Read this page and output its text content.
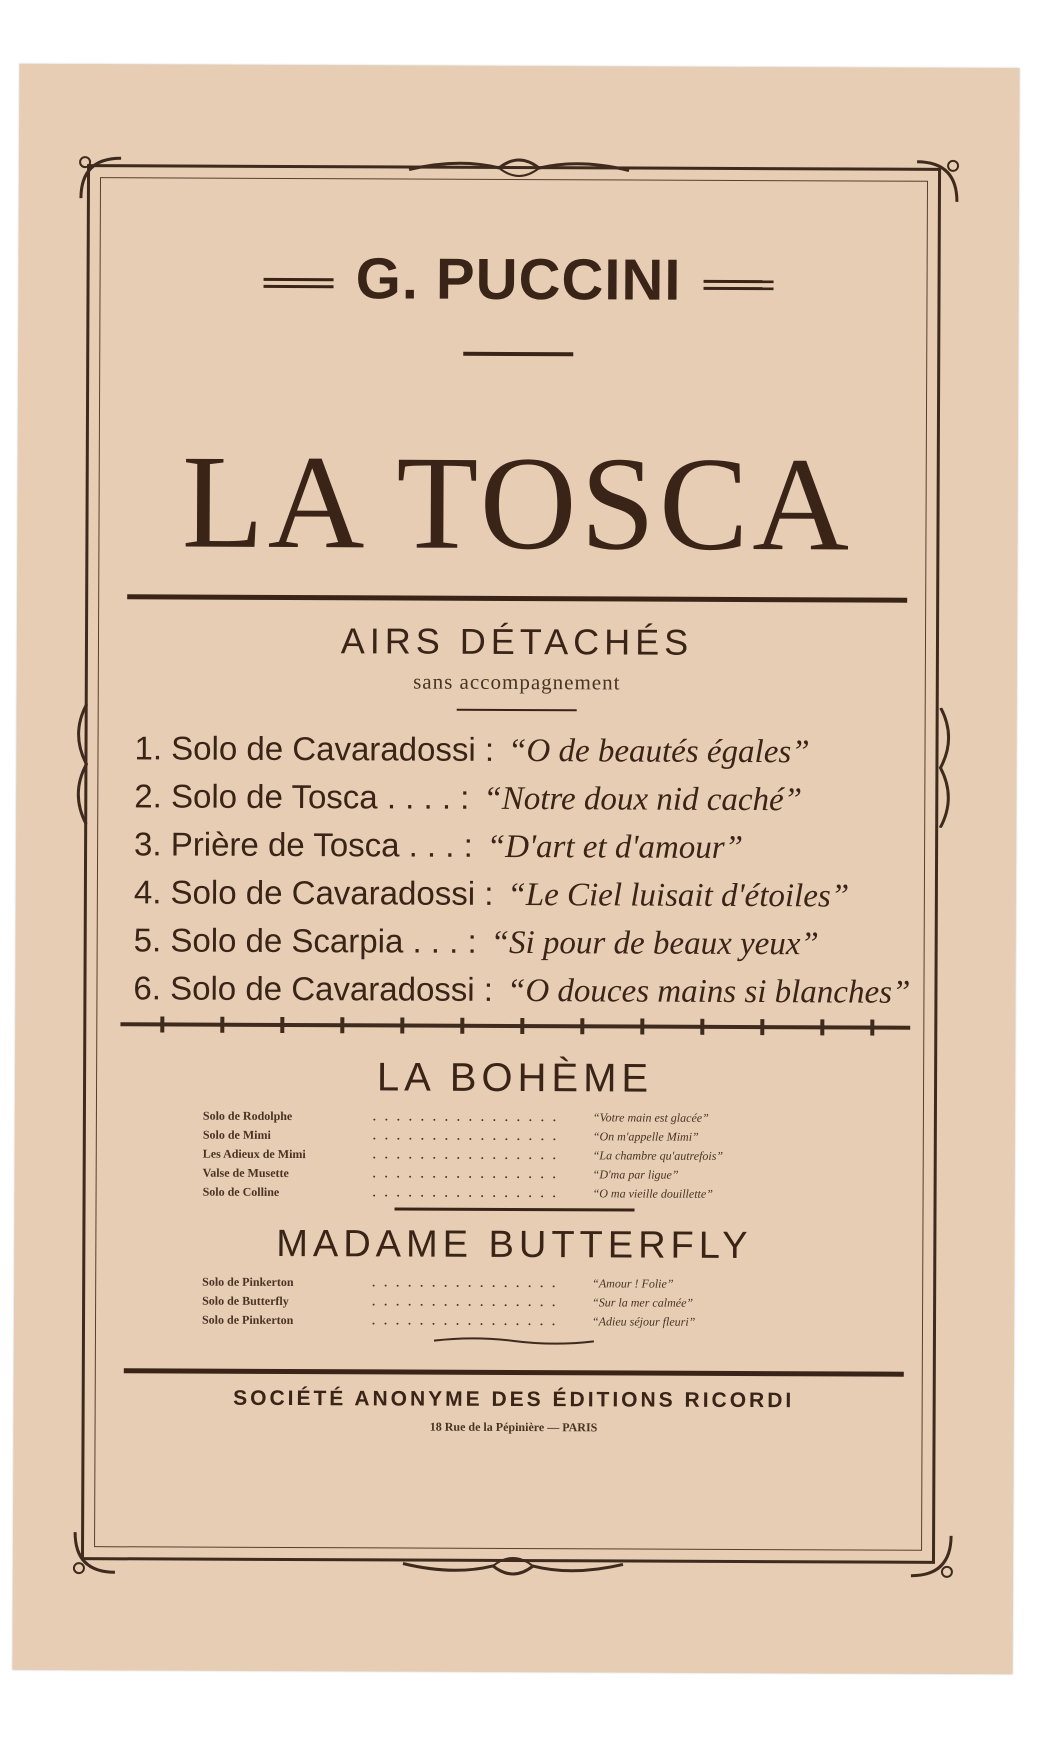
G. PUCCINI
LA TOSCA
AIRS DÉTACHÉS
sans accompagnement
1. Solo de Cavaradossi : “O de beautés égales”
2. Solo de Tosca . . . . : “Notre doux nid caché”
3. Prière de Tosca . . . : “D'art et d'amour”
4. Solo de Cavaradossi : “Le Ciel luisait d'étoiles”
5. Solo de Scarpia . . . : “Si pour de beaux yeux”
6. Solo de Cavaradossi : “O douces mains si blanches”
LA BOHÈME
Solo de Rodolphe	. . . . . . . . . . . . . . . .	“Votre main est glacée”
Solo de Mimi	. . . . . . . . . . . . . . . .	“On m'appelle Mimi”
Les Adieux de Mimi	. . . . . . . . . . . . . . . .	“La chambre qu'autrefois”
Valse de Musette	. . . . . . . . . . . . . . . .	“D'ma par ligue”
Solo de Colline	. . . . . . . . . . . . . . . .	“O ma vieille douillette”
MADAME BUTTERFLY
Solo de Pinkerton	. . . . . . . . . . . . . . . .	“Amour ! Folie”
Solo de Butterfly	. . . . . . . . . . . . . . . .	“Sur la mer calmée”
Solo de Pinkerton	. . . . . . . . . . . . . . . .	“Adieu séjour fleuri”
SOCIÉTÉ ANONYME DES ÉDITIONS RICORDI
18 Rue de la Pépinière — PARIS
